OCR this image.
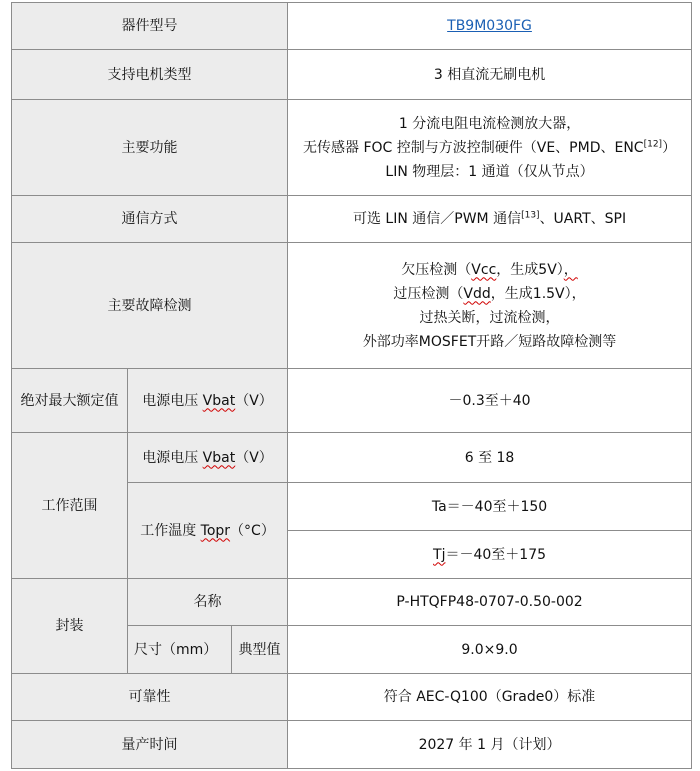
器件型号			TB9M030FG
支持电机类型			3 相直流无刷电机
主要功能			1 分流电阻电流检测放大器，
无传感器 FOC 控制与方波控制硬件（VE、PMD、ENC[12]）
LIN 物理层：1 通道（仅从节点）

通信方式			可选 LIN 通信／PWM 通信[13]、UART、SPI
主要故障检测			欠压检测（Vcc，生成5V），
过压检测（Vdd，生成1.5V），
过热关断，过流检测，
外部功率MOSFET开路／短路故障检测等

绝对最大额定值	电源电压 Vbat（V）		－0.3至＋40
工作范围	电源电压 Vbat（V）		6 至 18
	工作温度 Topr（°C）		Ta＝－40至＋150
			Tj＝－40至＋175
封装	名称		P-HTQFP48-0707-0.50-002
	尺寸（mm）	典型值	9.0×9.0
可靠性			符合 AEC-Q100（Grade0）标准
量产时间			2027 年 1 月（计划）
